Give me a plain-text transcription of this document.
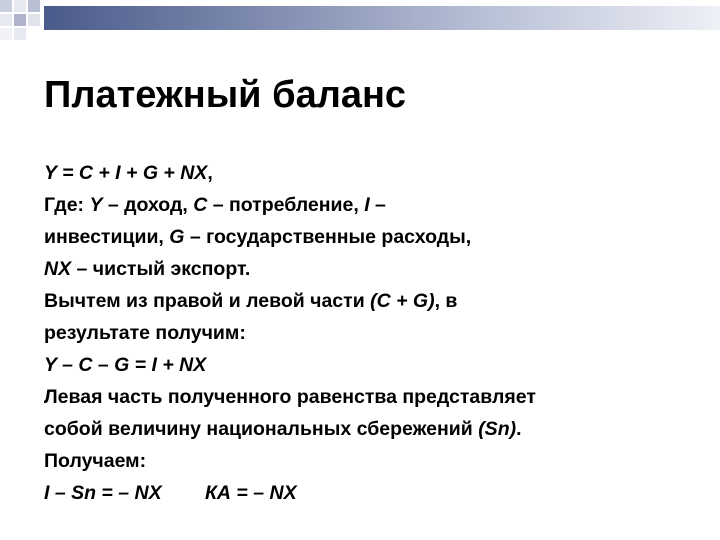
Платежный баланс
Y = C + I + G + NX,
Где: Y – доход, С – потребление, I –
инвестиции, G – государственные расходы,
NX – чистый экспорт.
Вычтем из правой и левой части (C + G), в
результате получим:
Y – C – G = I + NX
Левая часть полученного равенства представляет
собой величину национальных сбережений (Sn).
Получаем:
I – Sn = – NX КА = – NX
